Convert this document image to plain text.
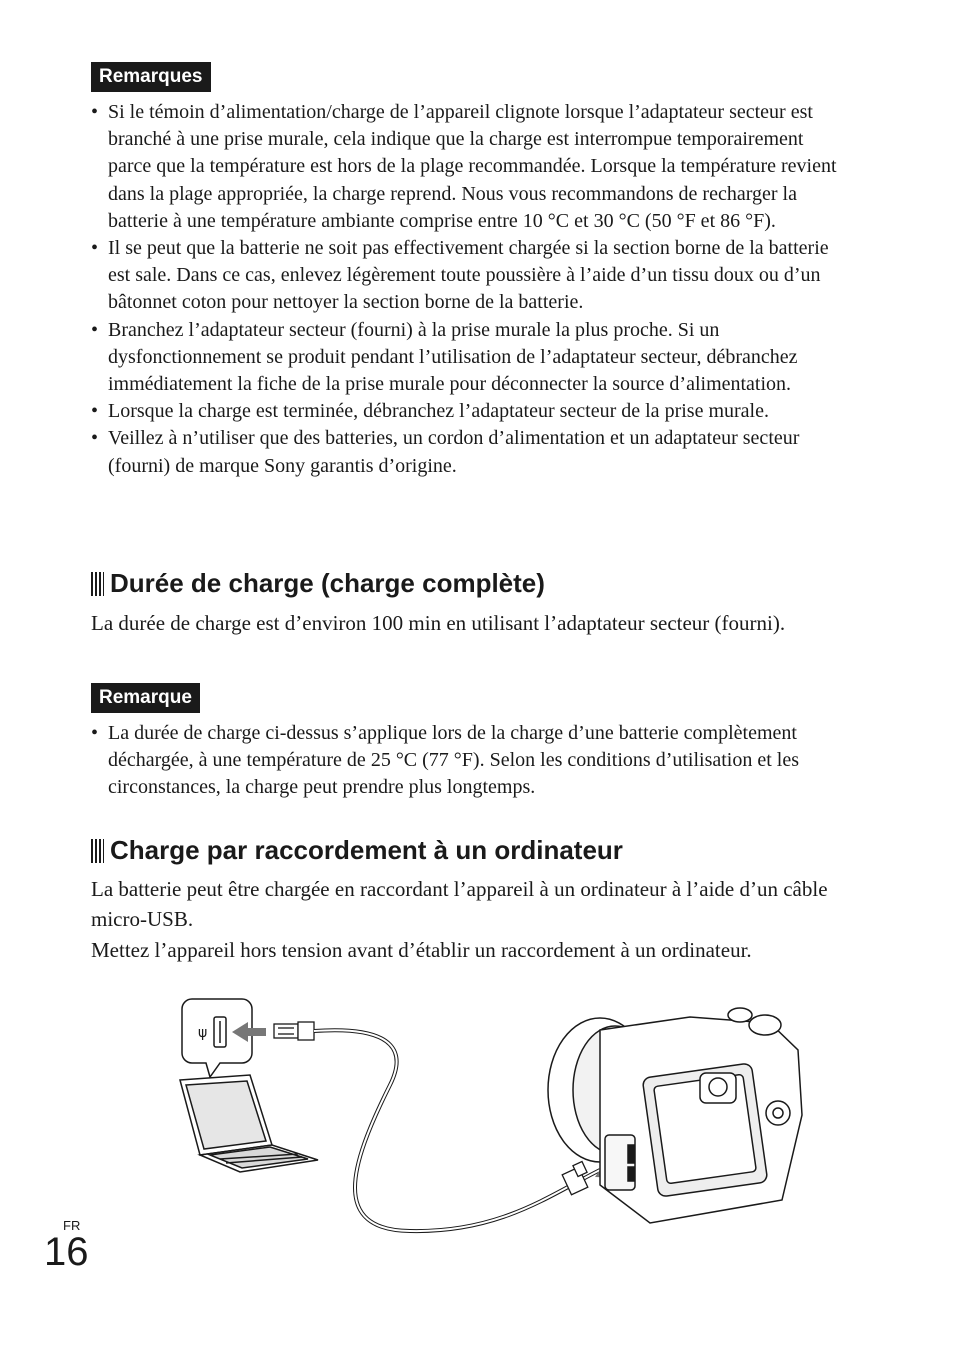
Remarques
• Si le témoin d’alimentation/charge de l’appareil clignote lorsque l’adaptateur secteur est branché à une prise murale, cela indique que la charge est interrompue temporairement parce que la température est hors de la plage recommandée. Lorsque la température revient dans la plage appropriée, la charge reprend. Nous vous recommandons de recharger la batterie à une température ambiante comprise entre 10 °C et 30 °C (50 °F et 86 °F).
• Il se peut que la batterie ne soit pas effectivement chargée si la section borne de la batterie est sale. Dans ce cas, enlevez légèrement toute poussière à l’aide d’un tissu doux ou d’un bâtonnet coton pour nettoyer la section borne de la batterie.
• Branchez l’adaptateur secteur (fourni) à la prise murale la plus proche. Si un dysfonctionnement se produit pendant l’utilisation de l’adaptateur secteur, débranchez immédiatement la fiche de la prise murale pour déconnecter la source d’alimentation.
• Lorsque la charge est terminée, débranchez l’adaptateur secteur de la prise murale.
• Veillez à n’utiliser que des batteries, un cordon d’alimentation et un adaptateur secteur (fourni) de marque Sony garantis d’origine.
Durée de charge (charge complète)

La durée de charge est d’environ 100 min en utilisant l’adaptateur secteur (fourni).

Remarque
• La durée de charge ci-dessus s’applique lors de la charge d’une batterie complètement déchargée, à une température de 25 °C (77 °F). Selon les conditions d’utilisation et les circonstances, la charge peut prendre plus longtemps.
Charge par raccordement à un ordinateur

La batterie peut être chargée en raccordant l’appareil à un ordinateur à l’aide d’un câble micro-USB.

Mettez l’appareil hors tension avant d’établir un raccordement à un ordinateur.

ψ
FR
16
